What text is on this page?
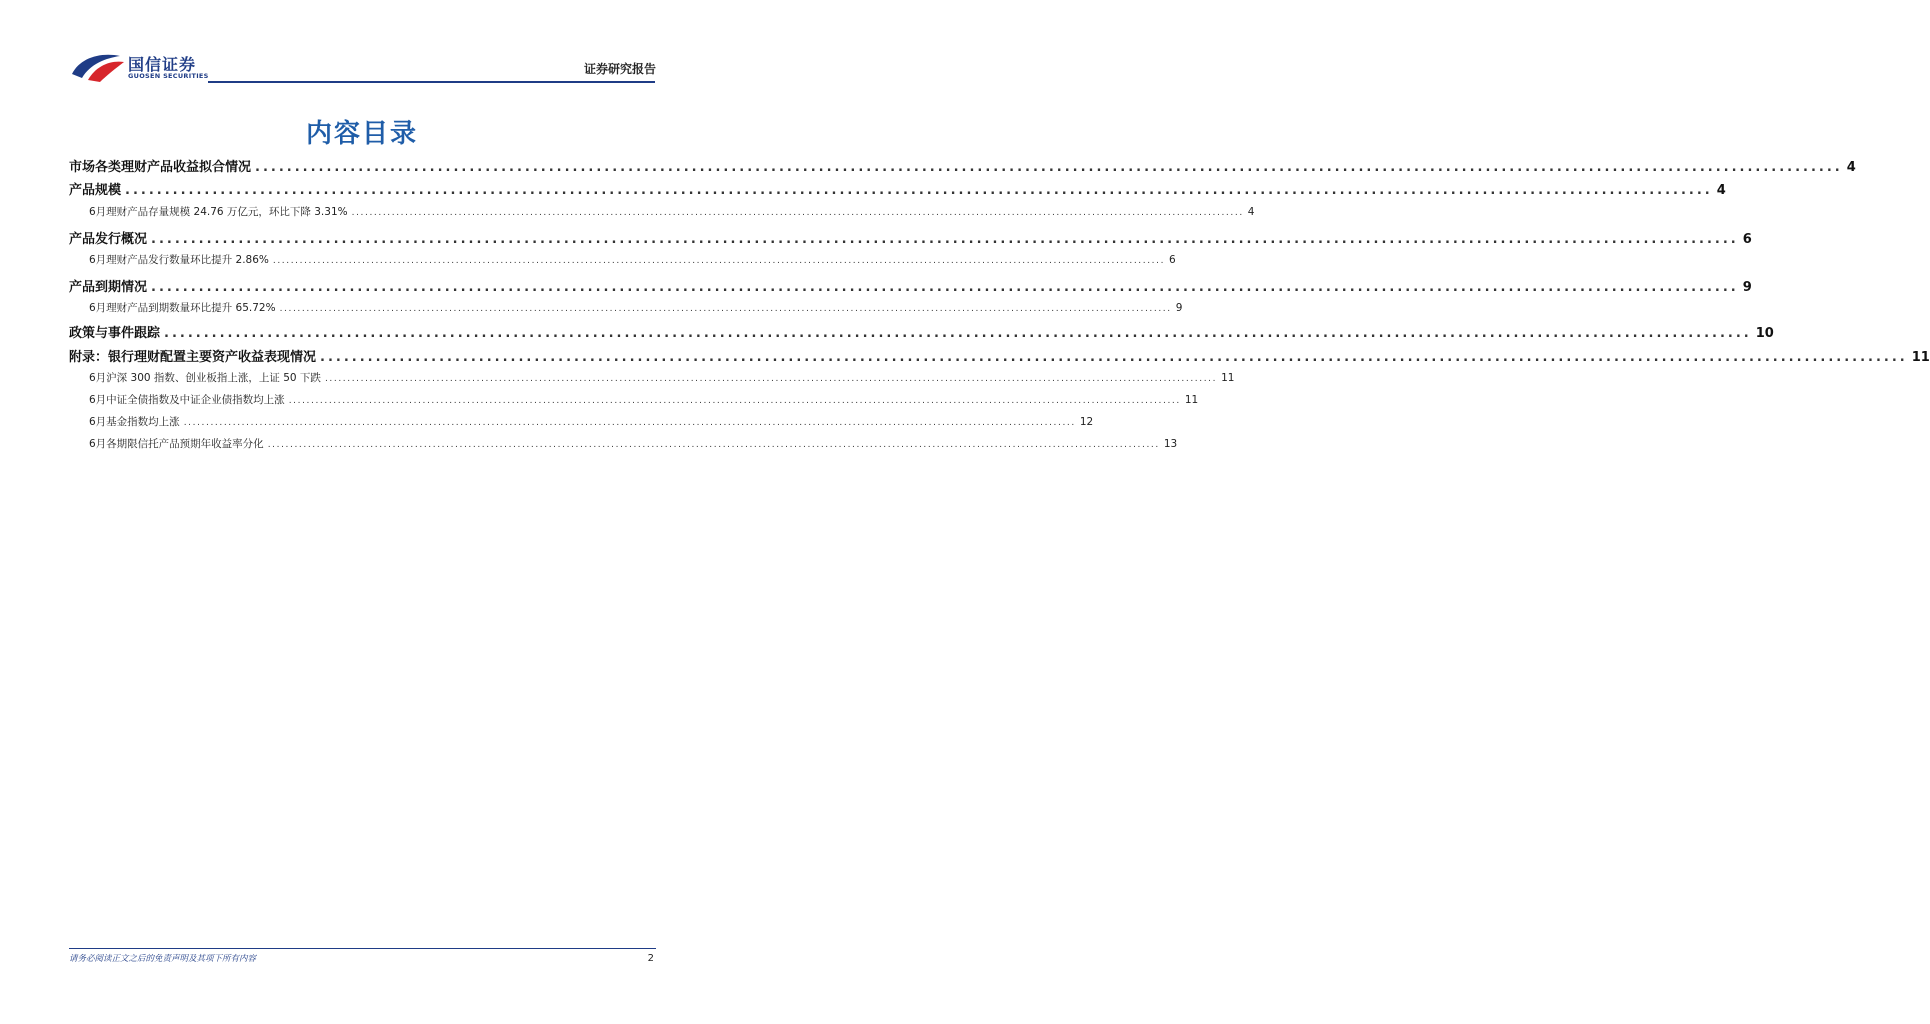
国信证券
GUOSEN SECURITIES	证券研究报告
内容目录
市场各类理财产品收益拟合情况 ........................................................................................................................................................................................................ 4
产品规模 ........................................................................................................................................................................................................ 4
6月理财产品存量规模 24.76 万亿元，环比下降 3.31% ........................................................................................................................................................................................................ 4
产品发行概况 ........................................................................................................................................................................................................ 6
6月理财产品发行数量环比提升 2.86% ........................................................................................................................................................................................................ 6
产品到期情况 ........................................................................................................................................................................................................ 9
6月理财产品到期数量环比提升 65.72% ........................................................................................................................................................................................................ 9
政策与事件跟踪 ........................................................................................................................................................................................................ 10
附录：银行理财配置主要资产收益表现情况 ........................................................................................................................................................................................................ 11
6月沪深 300 指数、创业板指上涨，上证 50 下跌 ........................................................................................................................................................................................................ 11
6月中证全债指数及中证企业债指数均上涨 ........................................................................................................................................................................................................ 11
6月基金指数均上涨 ........................................................................................................................................................................................................ 12
6月各期限信托产品预期年收益率分化 ........................................................................................................................................................................................................ 13
请务必阅读正文之后的免责声明及其项下所有内容	2
